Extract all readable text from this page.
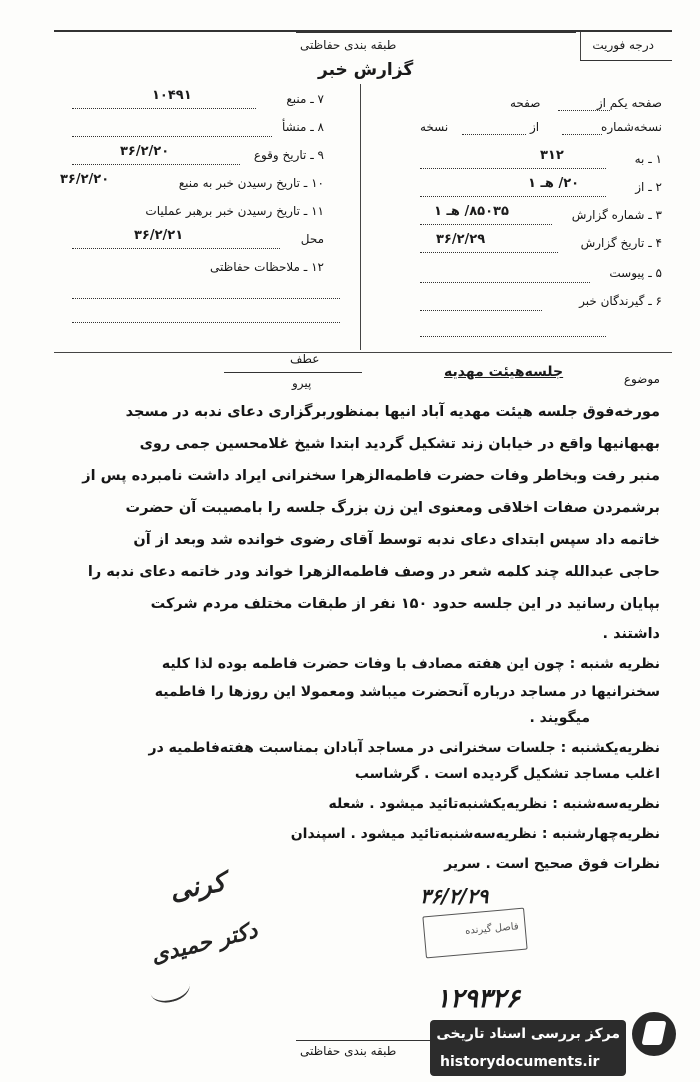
درجه فوریت
طبقه بندی حفاظتی
گزارش خبر
صفحه یکم از
صفحه
نسخه‌شماره
از
نسخه
۱ ـ به
۳۱۲
۲ ـ از
۲۰/ هـ ۱
۳ ـ شماره گزارش
۸۵۰۳۵/ هـ ۱
۴ ـ تاریخ گزارش
۳۶/۲/۲۹
۵ ـ پیوست
۶ ـ گیرندگان خبر
۷ ـ منبع
۱۰۴۹۱
۸ ـ منشأ
۹ ـ تاریخ وقوع
۳۶/۲/۲۰
۱۰ ـ تاریخ رسیدن خبر به منبع
۳۶/۲/۲۰
۱۱ ـ تاریخ رسیدن خبر برهبر عملیات
محل
۳۶/۲/۲۱
۱۲ ـ ملاحظات حفاظتی
عطف
پیرو	موضوع
جلسه‌هیئت مهدیه
مورخه‌فوق جلسه هیئت مهدیه آباد انیها بمنظوربرگزاری دعای ندبه در مسجد
بهبهانیها واقع در خیابان زند تشکیل گردید ابتدا شیخ غلامحسین جمی روی
منبر رفت وبخاطر وفات حضرت فاطمه‌الزهرا سخنرانی ایراد داشت نامبرده پس از
برشمردن صفات اخلاقی ومعنوی این زن بزرگ جلسه را بامصیبت آن حضرت
خاتمه داد سپس ابتدای دعای ندبه توسط آقای رضوی خوانده شد وبعد از آن
حاجی عبدالله چند کلمه شعر در وصف فاطمه‌الزهرا خواند ودر خاتمه دعای ندبه را
بپایان رسانید در این جلسه حدود ۱۵۰ نفر از طبقات مختلف مردم شرکت
داشتند .
نظریه شنبه : چون این هفته مصادف با وفات حضرت فاطمه بوده لذا کلیه
سخنرانیها در مساجد درباره آنحضرت میباشد ومعمولا این روزها را فاطمیه
میگویند .
نظریه‌یکشنبه : جلسات سخنرانی در مساجد آبادان بمناسبت هفته‌فاطمیه در
اغلب مساجد تشکیل گردیده است . گرشاسب
نظریه‌سه‌شنبه : نظریه‌یکشنبه‌تائید میشود . شعله
نظریه‌چهارشنبه : نظریه‌سه‌شنبه‌تائید میشود . اسپندان
نظرات فوق صحیح است . سریر
۳۶/۲/۲۹
فاصل گیرنده
کرنی
دکتر حمیدی
۱۲۹۳۲۶
طبقه بندی حفاظتی
مرکز بررسی اسناد تاریخی
historydocuments.ir
